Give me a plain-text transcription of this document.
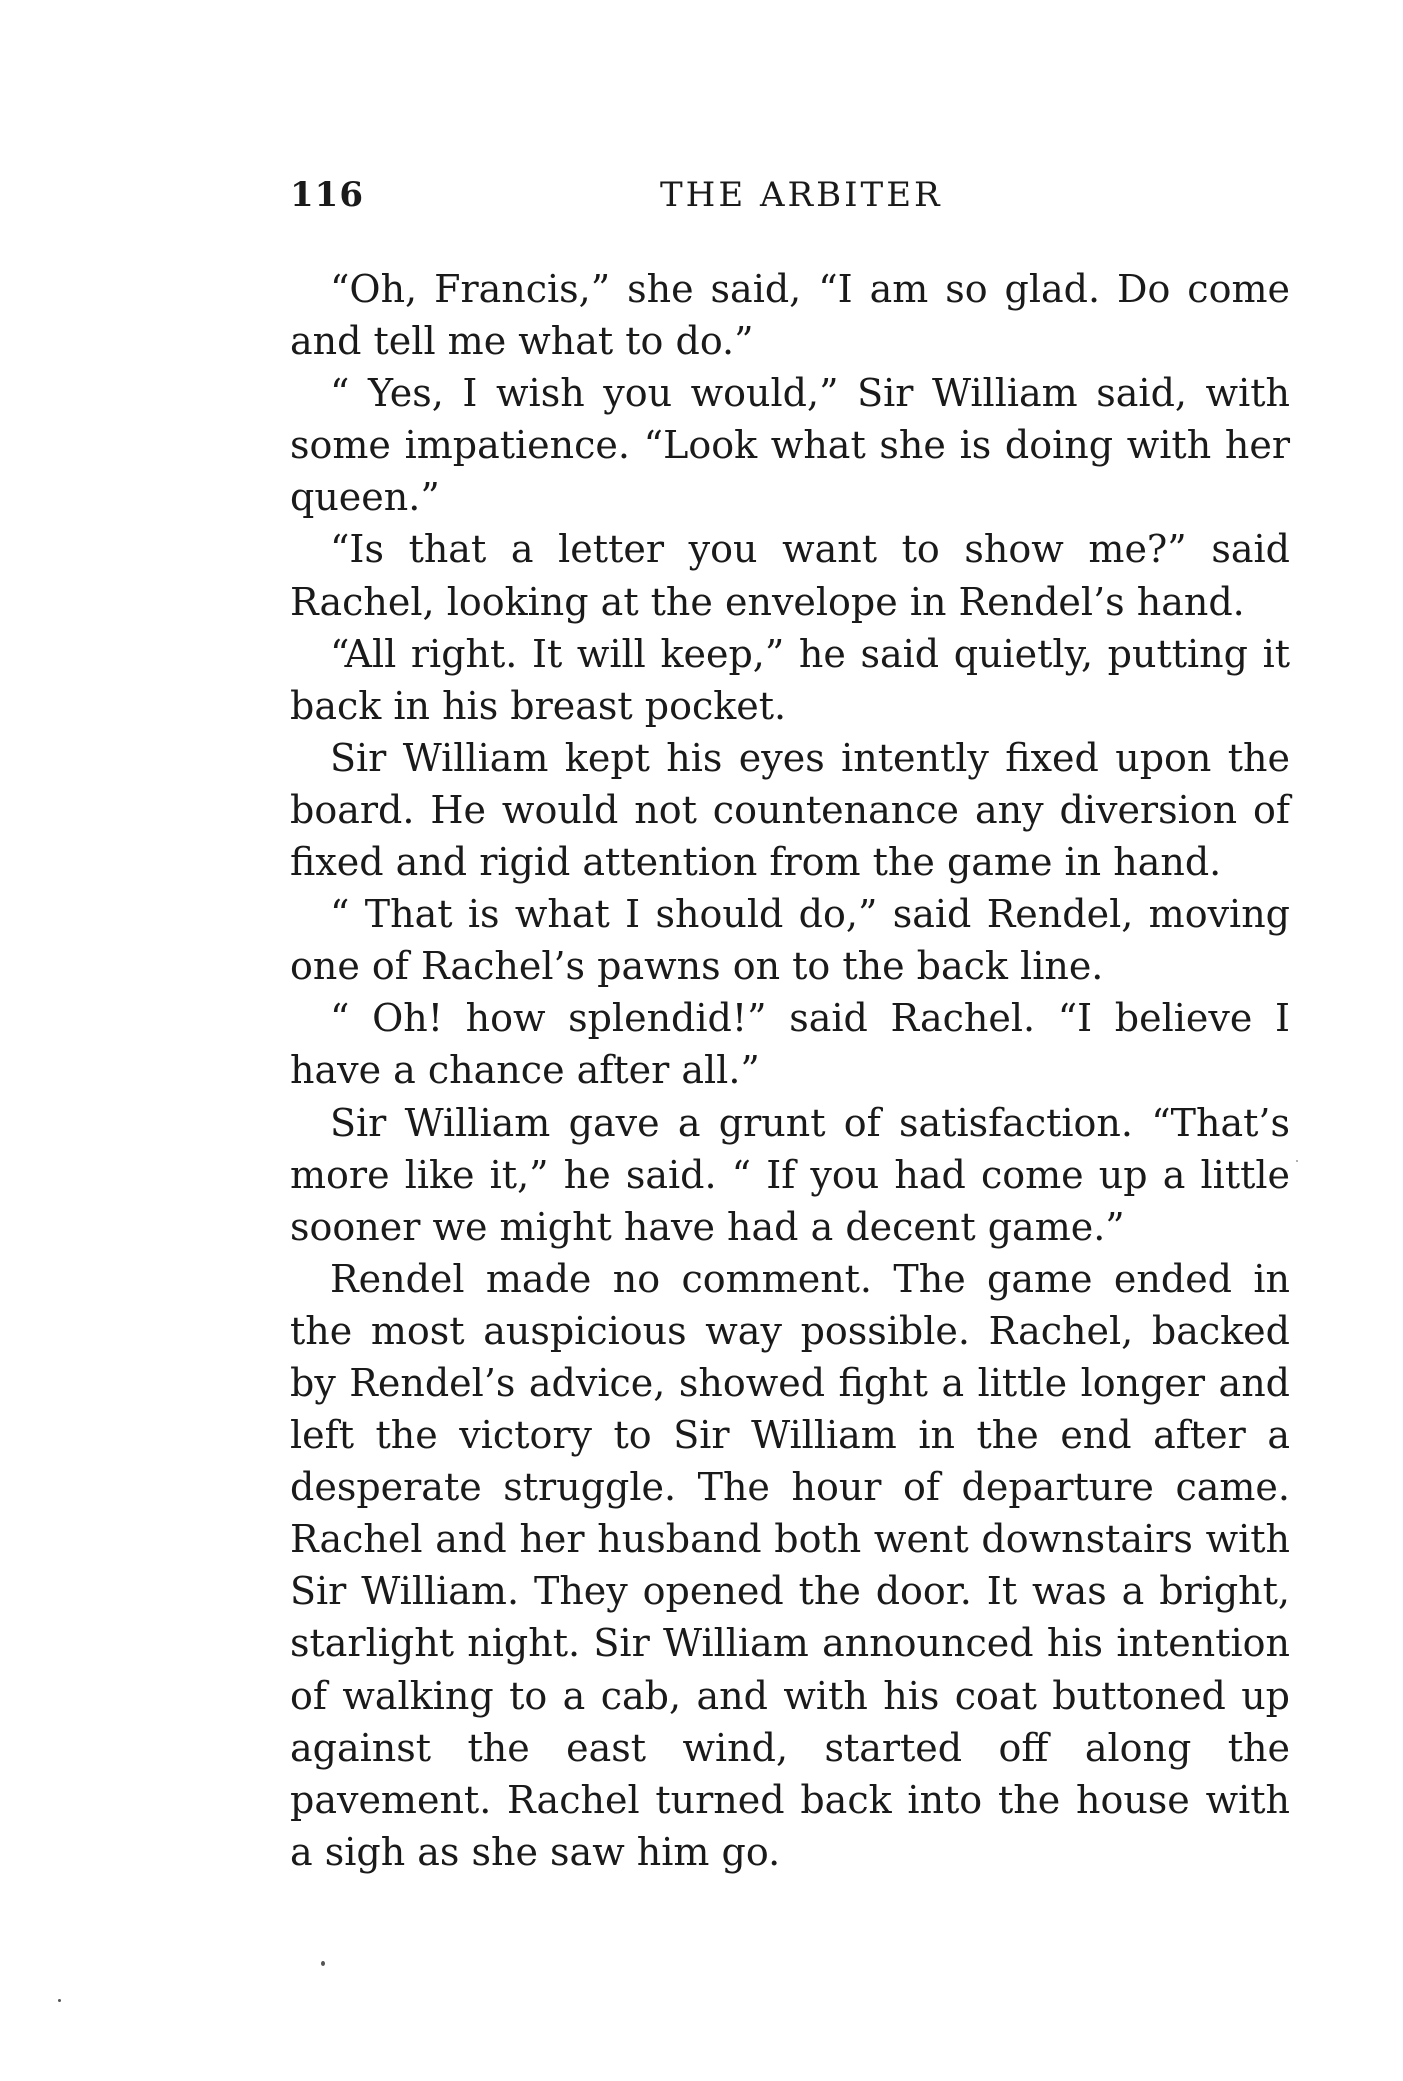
116	THE ARBITER

“Oh, Francis,” she said, “I am so glad. Do come and tell me what to do.”

“ Yes, I wish you would,” Sir William said, with some impatience. “Look what she is doing with her queen.”

“Is that a letter you want to show me?” said Rachel, looking at the envelope in Rendel’s hand.

“All right. It will keep,” he said quietly, putting it back in his breast pocket.

Sir William kept his eyes intently fixed upon the board. He would not countenance any diversion of fixed and rigid attention from the game in hand.

“ That is what I should do,” said Rendel, moving one of Rachel’s pawns on to the back line.

“ Oh! how splendid!” said Rachel. “I believe I have a chance after all.”

Sir William gave a grunt of satisfaction. “That’s more like it,” he said. “ If you had come up a little sooner we might have had a decent game.”

Rendel made no comment. The game ended in the most auspicious way possible. Rachel, backed by Rendel’s advice, showed fight a little longer and left the victory to Sir William in the end after a desperate struggle. The hour of departure came. Rachel and her husband both went downstairs with Sir William. They opened the door. It was a bright, starlight night. Sir William announced his intention of walking to a cab, and with his coat buttoned up against the east wind, started off along the pavement. Rachel turned back into the house with a sigh as she saw him go.
